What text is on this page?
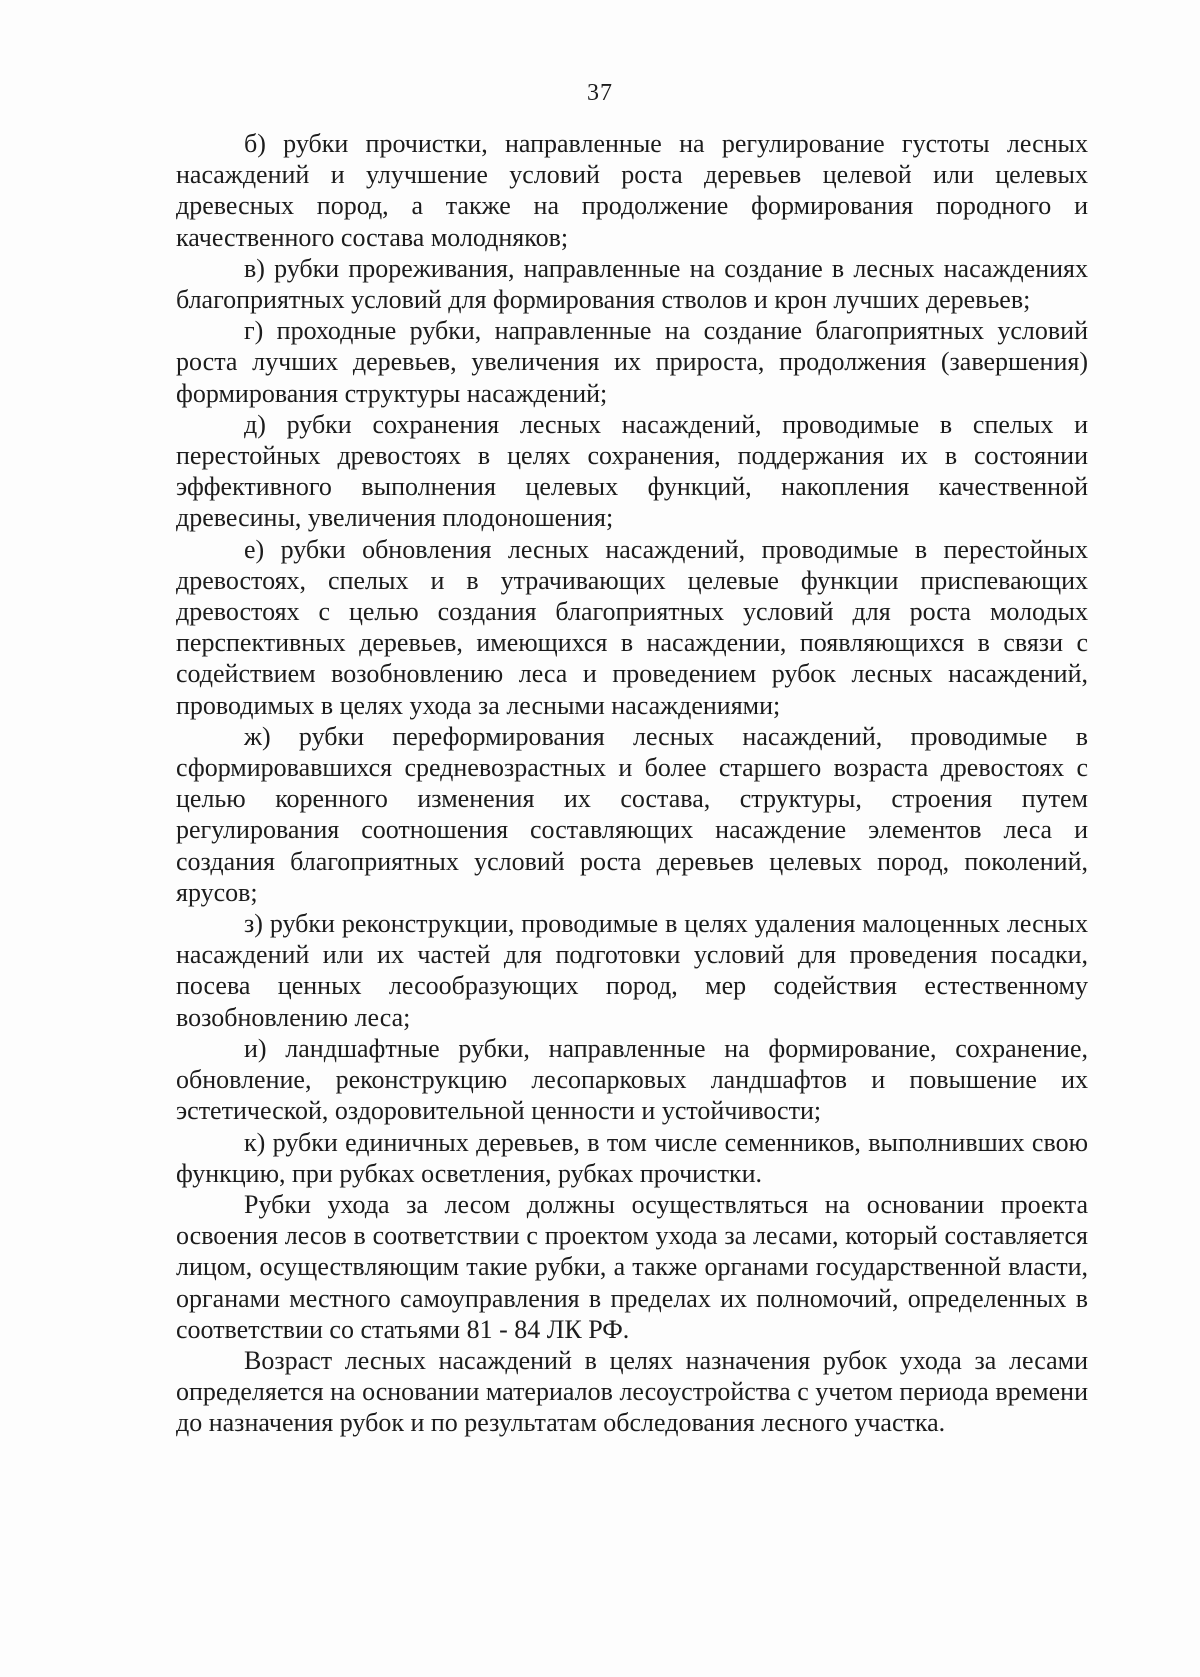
37

б) рубки прочистки, направленные на регулирование густоты лесных насаждений и улучшение условий роста деревьев целевой или целевых древесных пород, а также на продолжение формирования породного и качественного состава молодняков;

в) рубки прореживания, направленные на создание в лесных насаждениях благоприятных условий для формирования стволов и крон лучших деревьев;

г) проходные рубки, направленные на создание благоприятных условий роста лучших деревьев, увеличения их прироста, продолжения (завершения) формирования структуры насаждений;

д) рубки сохранения лесных насаждений, проводимые в спелых и перестойных древостоях в целях сохранения, поддержания их в состоянии эффективного выполнения целевых функций, накопления качественной древесины, увеличения плодоношения;

е) рубки обновления лесных насаждений, проводимые в перестойных древостоях, спелых и в утрачивающих целевые функции приспевающих древостоях с целью создания благоприятных условий для роста молодых перспективных деревьев, имеющихся в насаждении, появляющихся в связи с содействием возобновлению леса и проведением рубок лесных насаждений, проводимых в целях ухода за лесными насаждениями;

ж) рубки переформирования лесных насаждений, проводимые в сформировавшихся средневозрастных и более старшего возраста древостоях с целью коренного изменения их состава, структуры, строения путем регулирования соотношения составляющих насаждение элементов леса и создания благоприятных условий роста деревьев целевых пород, поколений, ярусов;

з) рубки реконструкции, проводимые в целях удаления малоценных лесных насаждений или их частей для подготовки условий для проведения посадки, посева ценных лесообразующих пород, мер содействия естественному возобновлению леса;

и) ландшафтные рубки, направленные на формирование, сохранение, обновление, реконструкцию лесопарковых ландшафтов и повышение их эстетической, оздоровительной ценности и устойчивости;

к) рубки единичных деревьев, в том числе семенников, выполнивших свою функцию, при рубках осветления, рубках прочистки.

Рубки ухода за лесом должны осуществляться на основании проекта освоения лесов в соответствии с проектом ухода за лесами, который составляется лицом, осуществляющим такие рубки, а также органами государственной власти, органами местного самоуправления в пределах их полномочий, определенных в соответствии со статьями 81 - 84 ЛК РФ.

Возраст лесных насаждений в целях назначения рубок ухода за лесами определяется на основании материалов лесоустройства с учетом периода времени до назначения рубок и по результатам обследования лесного участка.
